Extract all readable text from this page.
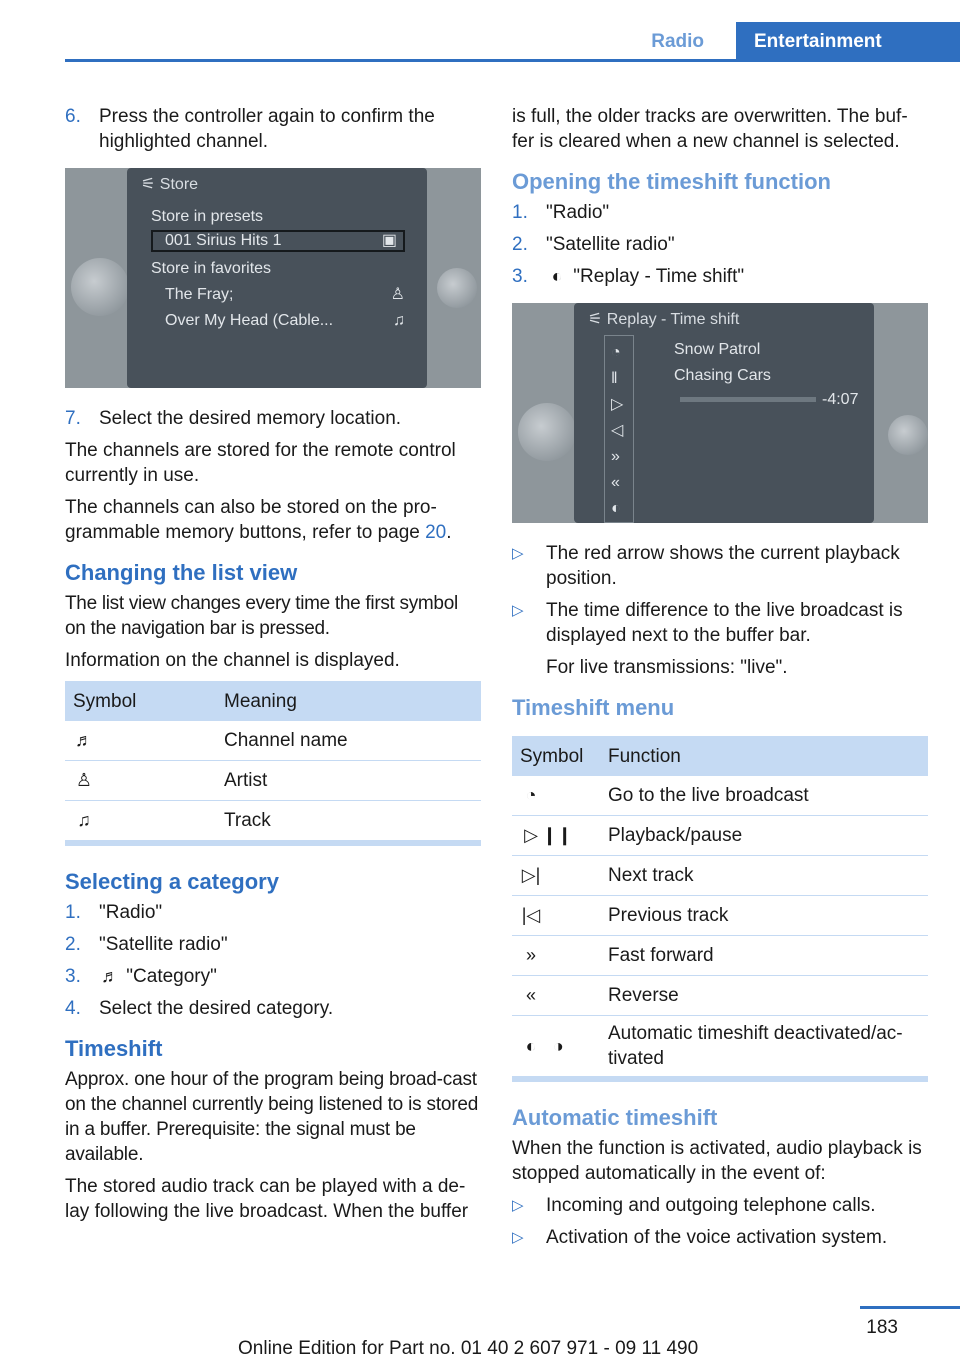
Radio	Entertainment
6. Press the controller again to confirm the highlighted channel.
⚟ Store
Store in presets
001 Sirius Hits 1	▣
Store in favorites
The Fray;
Over My Head (Cable...
♙
♫
7. Select the desired memory location.

The channels are stored for the remote control currently in use.

The channels can also be stored on the pro-grammable memory buttons, refer to page 20.

Changing the list view

The list view changes every time the first symbol on the navigation bar is pressed.

Information on the channel is displayed.

Symbol	Meaning
♬	Channel name
♙	Artist
♫	Track
Selecting a category
1. "Radio"
2. "Satellite radio"
3.	♬ "Category"
4. Select the desired category.
Timeshift

Approx. one hour of the program being broad-cast on the channel currently being listened to is stored in a buffer. Prerequisite: the signal must be available.

The stored audio track can be played with a de-lay following the live broadcast. When the buffer

is full, the older tracks are overwritten. The buf-fer is cleared when a new channel is selected.

Opening the timeshift function
1. "Radio"
2. "Satellite radio"
3.	◐ "Replay - Time shift"
⚟ Replay - Time shift
◔
‖
▷
◁
»
«
◐
Snow Patrol
Chasing Cars
-4:07
▷	The red arrow shows the current playback position.
▷	The time difference to the live broadcast is displayed next to the buffer bar.

For live transmissions: "live".

Timeshift menu
Symbol	Function
◔	Go to the live broadcast
▷ ❙❙	Playback/pause
▷|	Next track
|◁	Previous track
»	Fast forward
«	Reverse
◐ ◑	Automatic timeshift deactivated/ac-tivated
Automatic timeshift

When the function is activated, audio playback is stopped automatically in the event of:

▷	Incoming and outgoing telephone calls.
▷	Activation of the voice activation system.
183
Online Edition for Part no. 01 40 2 607 971 - 09 11 490
